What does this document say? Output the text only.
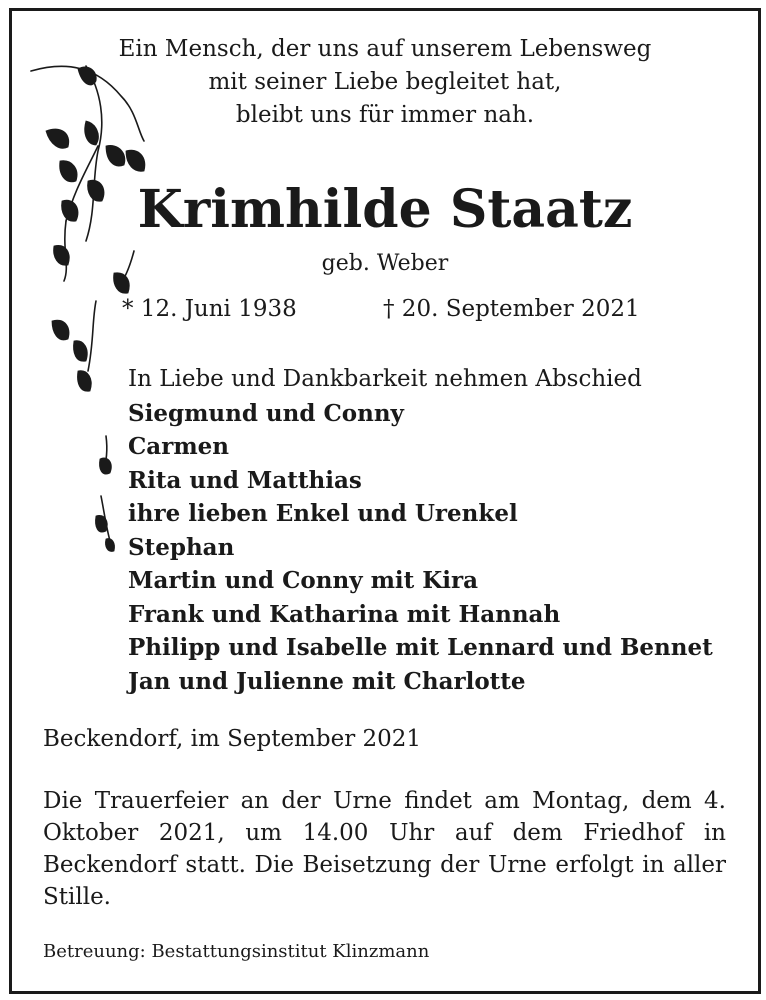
Ein Mensch, der uns auf unserem Lebensweg
mit seiner Liebe begleitet hat,
bleibt uns für immer nah.
Krimhilde Staatz
geb. Weber
* 12. Juni 1938	† 20. September 2021
In Liebe und Dankbarkeit nehmen Abschied
Siegmund und Conny
Carmen
Rita und Matthias
ihre lieben Enkel und Urenkel
Stephan
Martin und Conny mit Kira
Frank und Katharina mit Hannah
Philipp und Isabelle mit Lennard und Bennet
Jan und Julienne mit Charlotte
Beckendorf, im September 2021
Die Trauerfeier an der Urne findet am Montag, dem 4. Oktober 2021, um 14.00 Uhr auf dem Friedhof in Beckendorf statt. Die Beisetzung der Urne erfolgt in aller Stille.
Betreuung: Bestattungsinstitut Klinzmann
